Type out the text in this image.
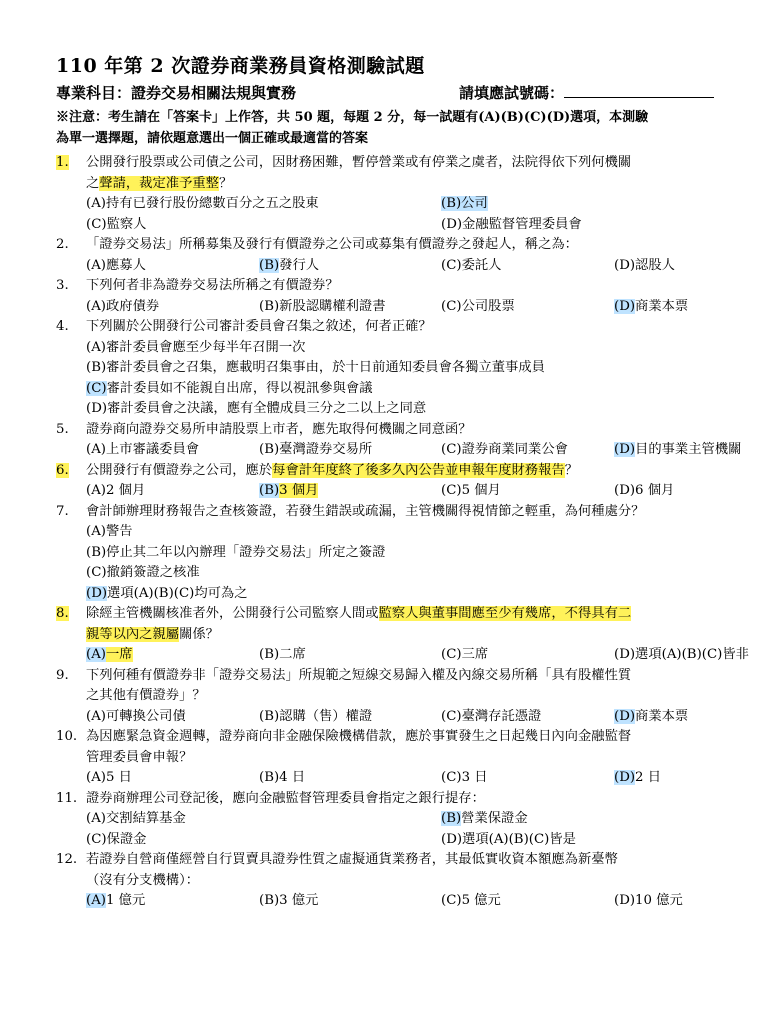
110 年第 2 次證券商業務員資格測驗試題
專業科目：證券交易相關法規與實務	請填應試號碼：
※注意：考生請在「答案卡」上作答，共 50 題，每題 2 分，每一試題有(A)(B)(C)(D)選項，本測驗
為單一選擇題，請依題意選出一個正確或最適當的答案
1.	公開發行股票或公司債之公司，因財務困難，暫停營業或有停業之虞者，法院得依下列何機關
之聲請，裁定准予重整？
(A)持有已發行股份總數百分之五之股東	(B)公司
(C)監察人	(D)金融監督管理委員會
2.	「證券交易法」所稱募集及發行有價證券之公司或募集有價證券之發起人，稱之為：
(A)應募人	(B)發行人	(C)委託人	(D)認股人
3.	下列何者非為證券交易法所稱之有價證券？
(A)政府債券	(B)新股認購權利證書	(C)公司股票	(D)商業本票
4.	下列關於公開發行公司審計委員會召集之敘述，何者正確？
(A)審計委員會應至少每半年召開一次
(B)審計委員會之召集，應載明召集事由，於十日前通知委員會各獨立董事成員
(C)審計委員如不能親自出席，得以視訊參與會議
(D)審計委員會之決議，應有全體成員三分之二以上之同意
5.	證券商向證券交易所申請股票上市者，應先取得何機關之同意函？
(A)上市審議委員會	(B)臺灣證券交易所	(C)證券商業同業公會	(D)目的事業主管機關
6.	公開發行有價證券之公司，應於每會計年度終了後多久內公告並申報年度財務報告？
(A)2 個月	(B)3 個月	(C)5 個月	(D)6 個月
7.	會計師辦理財務報告之查核簽證，若發生錯誤或疏漏，主管機關得視情節之輕重，為何種處分？
(A)警告
(B)停止其二年以內辦理「證券交易法」所定之簽證
(C)撤銷簽證之核准
(D)選項(A)(B)(C)均可為之
8.	除經主管機關核准者外，公開發行公司監察人間或監察人與董事間應至少有幾席，不得具有二
親等以內之親屬關係？
(A)一席	(B)二席	(C)三席	(D)選項(A)(B)(C)皆非
9.	下列何種有價證券非「證券交易法」所規範之短線交易歸入權及內線交易所稱「具有股權性質
之其他有價證券」？
(A)可轉換公司債	(B)認購（售）權證	(C)臺灣存託憑證	(D)商業本票
10. 為因應緊急資金週轉，證券商向非金融保險機構借款，應於事實發生之日起幾日內向金融監督
管理委員會申報？
(A)5 日	(B)4 日	(C)3 日	(D)2 日
11. 證券商辦理公司登記後，應向金融監督管理委員會指定之銀行提存：
(A)交割結算基金	(B)營業保證金
(C)保證金	(D)選項(A)(B)(C)皆是
12. 若證券自營商僅經營自行買賣具證券性質之虛擬通貨業務者，其最低實收資本額應為新臺幣
（沒有分支機構）：
(A)1 億元	(B)3 億元	(C)5 億元	(D)10 億元
